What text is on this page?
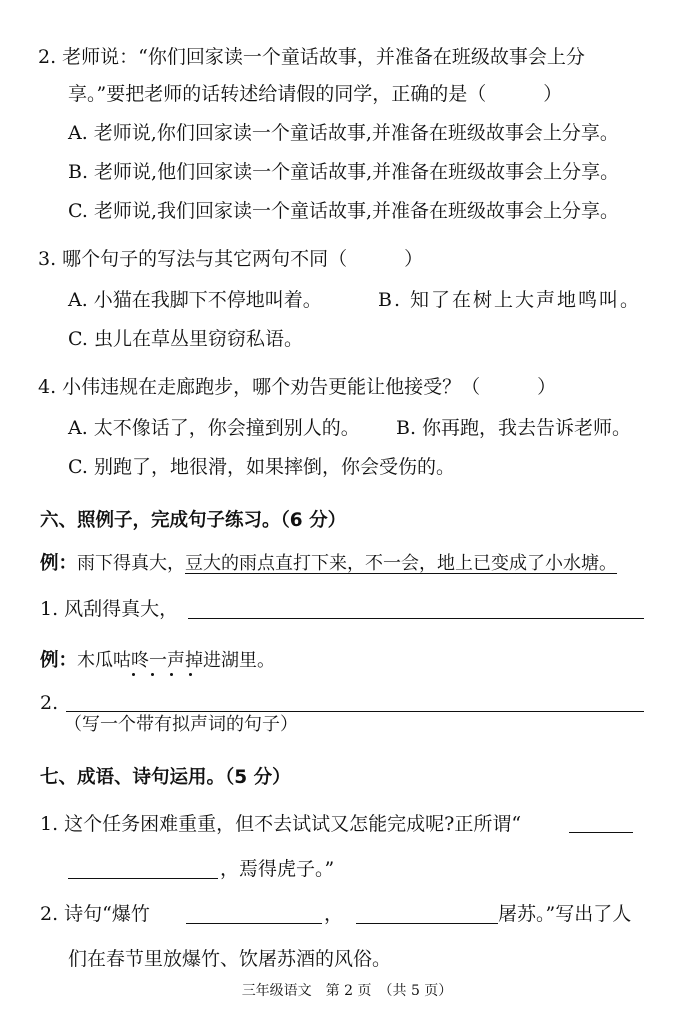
2. 老师说：“你们回家读一个童话故事，并准备在班级故事会上分
享。”要把老师的话转述给请假的同学，正确的是（　　　）
A. 老师说,你们回家读一个童话故事,并准备在班级故事会上分享。
B. 老师说,他们回家读一个童话故事,并准备在班级故事会上分享。
C. 老师说,我们回家读一个童话故事,并准备在班级故事会上分享。
3. 哪个句子的写法与其它两句不同（　　　）
A. 小猫在我脚下不停地叫着。	B. 知了在树上大声地鸣叫。
C. 虫儿在草丛里窃窃私语。
4. 小伟违规在走廊跑步，哪个劝告更能让他接受？（　　　）
A. 太不像话了，你会撞到别人的。 B. 你再跑，我去告诉老师。
C. 别跑了，地很滑，如果摔倒，你会受伤的。
六、照例子，完成句子练习。（6 分）
例：雨下得真大，豆大的雨点直打下来，不一会，地上已变成了小水塘。
1. 风刮得真大，
例：木瓜咕咚一声掉进湖里。
2.
（写一个带有拟声词的句子）
七、成语、诗句运用。（5 分）
1. 这个任务困难重重，但不去试试又怎能完成呢?正所谓“
，焉得虎子。”
2. 诗句“爆竹	，	屠苏。”写出了人
们在春节里放爆竹、饮屠苏酒的风俗。
三年级语文　第 2 页　（共 5 页）
